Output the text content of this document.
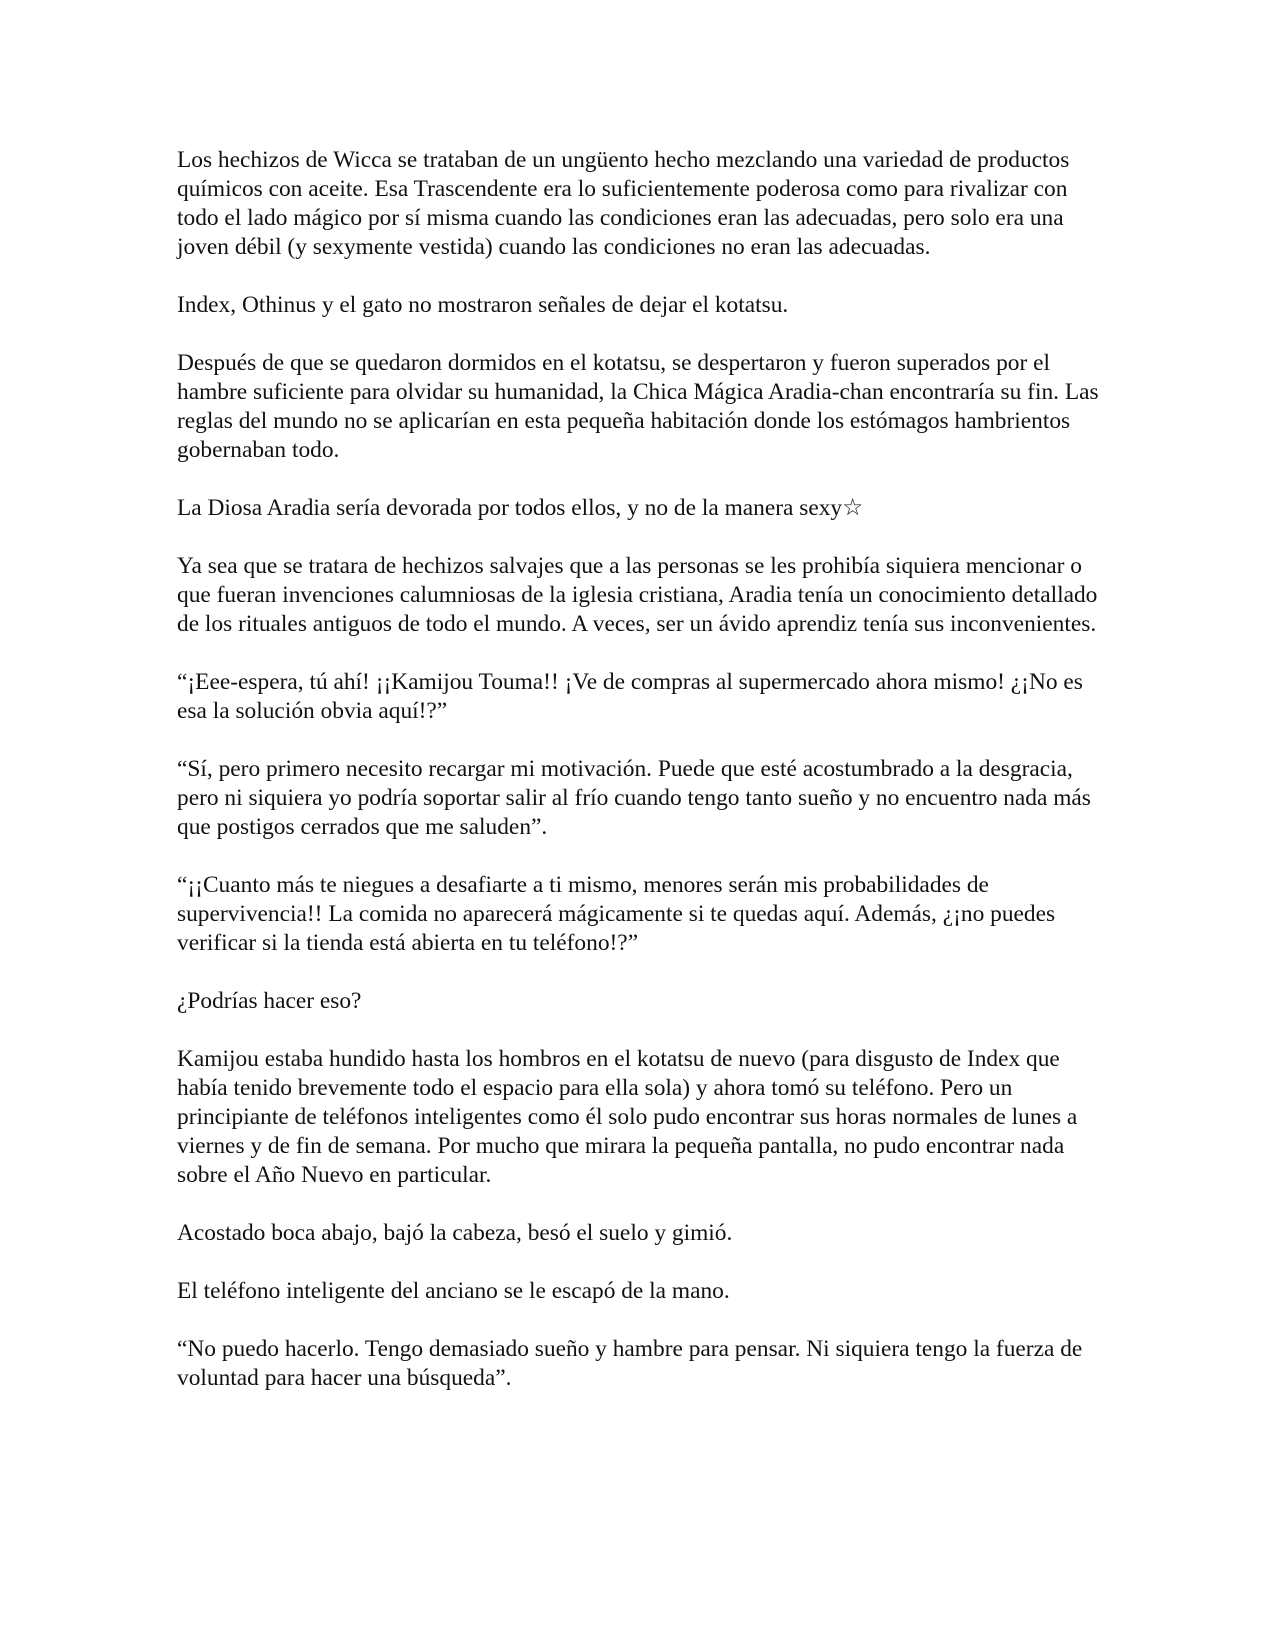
Los hechizos de Wicca se trataban de un ungüento hecho mezclando una variedad de productos químicos con aceite. Esa Trascendente era lo suficientemente poderosa como para rivalizar con todo el lado mágico por sí misma cuando las condiciones eran las adecuadas, pero solo era una joven débil (y sexymente vestida) cuando las condiciones no eran las adecuadas.

Index, Othinus y el gato no mostraron señales de dejar el kotatsu.

Después de que se quedaron dormidos en el kotatsu, se despertaron y fueron superados por el hambre suficiente para olvidar su humanidad, la Chica Mágica Aradia-chan encontraría su fin. Las reglas del mundo no se aplicarían en esta pequeña habitación donde los estómagos hambrientos gobernaban todo.

La Diosa Aradia sería devorada por todos ellos, y no de la manera sexy☆

Ya sea que se tratara de hechizos salvajes que a las personas se les prohibía siquiera mencionar o que fueran invenciones calumniosas de la iglesia cristiana, Aradia tenía un conocimiento detallado de los rituales antiguos de todo el mundo. A veces, ser un ávido aprendiz tenía sus inconvenientes.

“¡Eee-espera, tú ahí! ¡¡Kamijou Touma!! ¡Ve de compras al supermercado ahora mismo! ¿¡No es esa la solución obvia aquí!?”

“Sí, pero primero necesito recargar mi motivación. Puede que esté acostumbrado a la desgracia, pero ni siquiera yo podría soportar salir al frío cuando tengo tanto sueño y no encuentro nada más que postigos cerrados que me saluden”.

“¡¡Cuanto más te niegues a desafiarte a ti mismo, menores serán mis probabilidades de supervivencia!! La comida no aparecerá mágicamente si te quedas aquí. Además, ¿¡no puedes verificar si la tienda está abierta en tu teléfono!?”

¿Podrías hacer eso?

Kamijou estaba hundido hasta los hombros en el kotatsu de nuevo (para disgusto de Index que había tenido brevemente todo el espacio para ella sola) y ahora tomó su teléfono. Pero un principiante de teléfonos inteligentes como él solo pudo encontrar sus horas normales de lunes a viernes y de fin de semana. Por mucho que mirara la pequeña pantalla, no pudo encontrar nada sobre el Año Nuevo en particular.

Acostado boca abajo, bajó la cabeza, besó el suelo y gimió.

El teléfono inteligente del anciano se le escapó de la mano.

“No puedo hacerlo. Tengo demasiado sueño y hambre para pensar. Ni siquiera tengo la fuerza de voluntad para hacer una búsqueda”.
